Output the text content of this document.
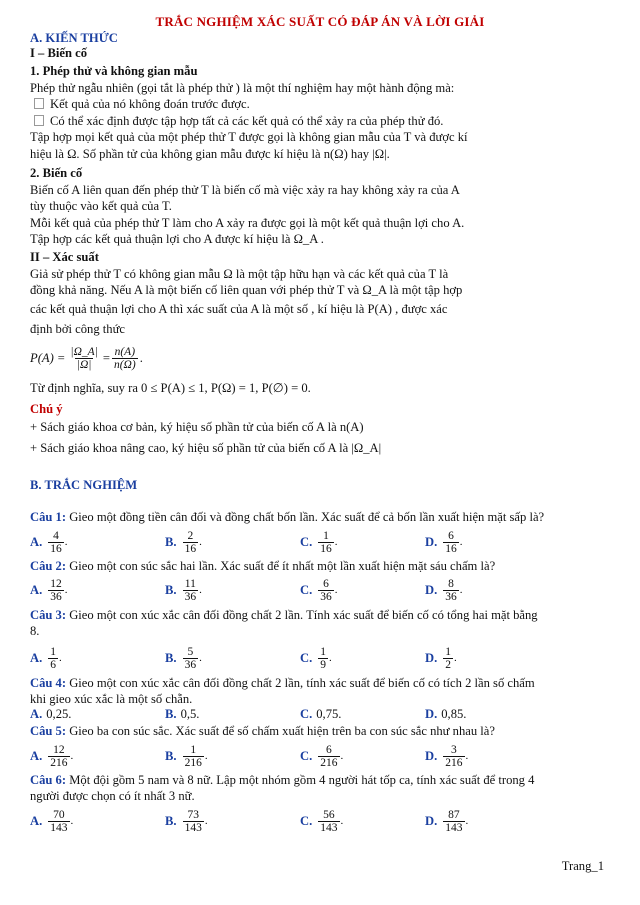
TRẮC NGHIỆM XÁC SUẤT CÓ ĐÁP ÁN VÀ LỜI GIẢI
A. KIẾN THỨC
I – Biến cố
1. Phép thử và không gian mẫu
Phép thử ngẫu nhiên (gọi tắt là phép thử ) là một thí nghiệm hay một hành động mà:
Kết quả của nó không đoán trước được.
Có thể xác định được tập hợp tất cả các kết quả có thể xảy ra của phép thử đó.
Tập hợp mọi kết quả của một phép thử T được gọi là không gian mẫu của T và được kí
hiệu là Ω. Số phần tử của không gian mẫu được kí hiệu là n(Ω) hay |Ω|.
2. Biến cố
Biến cố A liên quan đến phép thử T là biến cố mà việc xảy ra hay không xảy ra của A
tùy thuộc vào kết quả của T.
Mỗi kết quả của phép thử T làm cho A xảy ra được gọi là một kết quả thuận lợi cho A.
Tập hợp các kết quả thuận lợi cho A được kí hiệu là Ω_A .
II – Xác suất
Giả sử phép thử T có không gian mẫu Ω là một tập hữu hạn và các kết quả của T là
đồng khả năng. Nếu A là một biến cố liên quan với phép thử T và Ω_A là một tập hợp
các kết quả thuận lợi cho A thì xác suất của A là một số , kí hiệu là P(A) , được xác
định bởi công thức
$P(A) = \frac{|\Omega\_A|}{|\Omega|} = \frac{n(A)}{n(\Omega)}$ .
Từ định nghĩa, suy ra 0 ≤ P(A) ≤ 1, P(Ω) = 1, P(∅) = 0.
Chú ý
+ Sách giáo khoa cơ bản, ký hiệu số phần tử của biến cố A là n(A)
+ Sách giáo khoa nâng cao, ký hiệu số phần tử của biến cố A là |Ω_A|
B. TRẮC NGHIỆM
Câu 1: Gieo một đồng tiền cân đối và đồng chất bốn lần. Xác suất để cả bốn lần xuất hiện mặt sấp là?
A. $\frac{4}{16}$ .	B. $\frac{2}{16}$ .	C. $\frac{1}{16}$ .	D. $\frac{6}{16}$ .
Câu 2: Gieo một con súc sắc hai lần. Xác suất để ít nhất một lần xuất hiện mặt sáu chấm là?
A. $\frac{12}{36}$ .	B. $\frac{11}{36}$ .	C. $\frac{6}{36}$ .	D. $\frac{8}{36}$ .
Câu 3: Gieo một con xúc xắc cân đối đồng chất 2 lần. Tính xác suất để biến cố có tổng hai mặt bằng
8.
A. $\frac{1}{6}$ .	B. $\frac{5}{36}$ .	C. $\frac{1}{9}$ .	D. $\frac{1}{2}$ .
Câu 4: Gieo một con xúc xắc cân đối đồng chất 2 lần, tính xác suất để biến cố có tích 2 lần số chấm
khi gieo xúc xắc là một số chẵn.
A. 0,25.	B. 0,5.	C. 0,75.	D. 0,85.
Câu 5: Gieo ba con súc sắc. Xác suất để số chấm xuất hiện trên ba con súc sắc như nhau là?
A. $\frac{12}{216}$ .	B. $\frac{1}{216}$ .	C. $\frac{6}{216}$ .	D. $\frac{3}{216}$ .
Câu 6: Một đội gồm 5 nam và 8 nữ. Lập một nhóm gồm 4 người hát tốp ca, tính xác suất để trong 4
người được chọn có ít nhất 3 nữ.
A. $\frac{70}{143}$ .	B. $\frac{73}{143}$ .	C. $\frac{56}{143}$ .	D. $\frac{87}{143}$ .
Trang_1
